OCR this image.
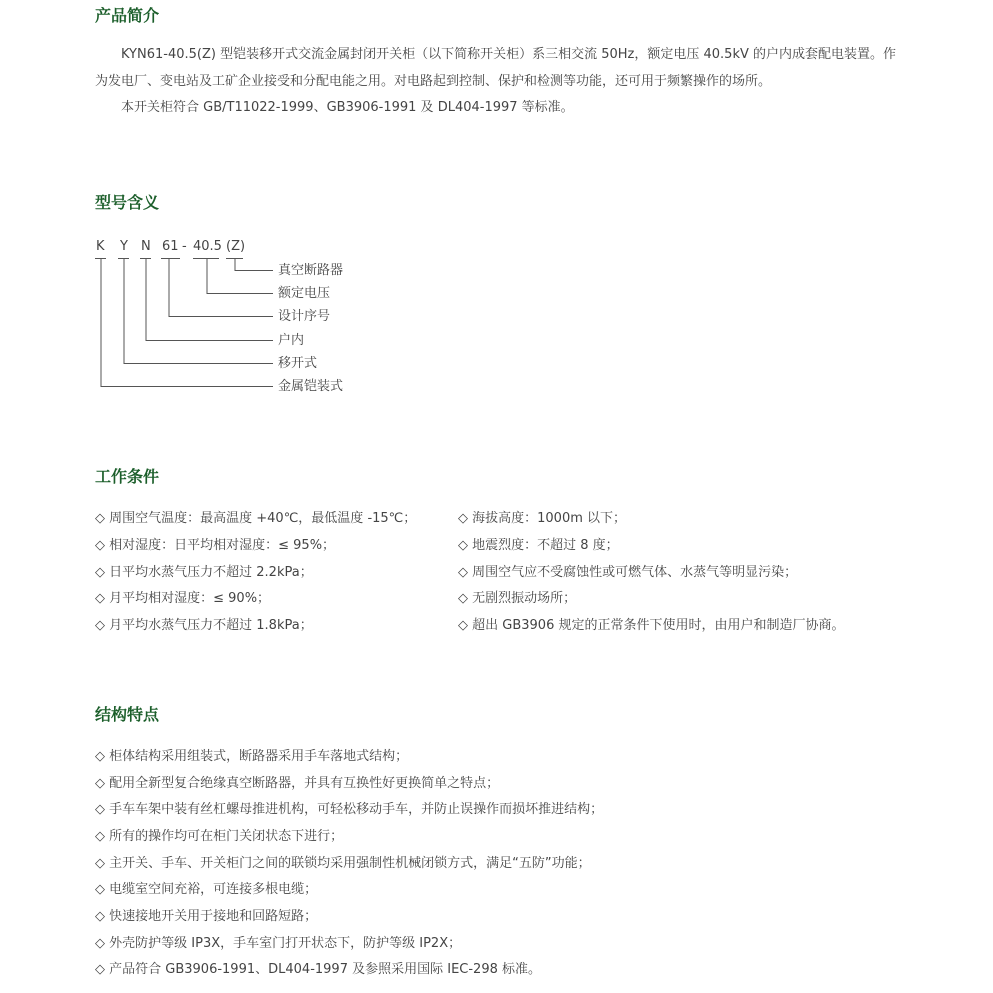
产品简介

KYN61-40.5(Z) 型铠装移开式交流金属封闭开关柜（以下简称开关柜）系三相交流 50Hz，额定电压 40.5kV 的户内成套配电装置。作为发电厂、变电站及工矿企业接受和分配电能之用。对电路起到控制、保护和检测等功能，还可用于频繁操作的场所。

本开关柜符合 GB/T11022-1999、GB3906-1991 及 DL404-1997 等标准。

型号含义
K Y N 61 - 40.5 (Z)
真空断路器
额定电压
设计序号
户内
移开式
金属铠装式
工作条件
◇ 周围空气温度：最高温度 +40℃，最低温度 -15℃；
◇ 相对湿度：日平均相对湿度：≤ 95%；
◇ 日平均水蒸气压力不超过 2.2kPa；
◇ 月平均相对湿度：≤ 90%；
◇ 月平均水蒸气压力不超过 1.8kPa；
◇ 海拔高度：1000m 以下；
◇ 地震烈度：不超过 8 度；
◇ 周围空气应不受腐蚀性或可燃气体、水蒸气等明显污染；
◇ 无剧烈振动场所；
◇ 超出 GB3906 规定的正常条件下使用时，由用户和制造厂协商。
结构特点
◇ 柜体结构采用组装式，断路器采用手车落地式结构；
◇ 配用全新型复合绝缘真空断路器，并具有互换性好更换简单之特点；
◇ 手车车架中装有丝杠螺母推进机构，可轻松移动手车，并防止误操作而损坏推进结构；
◇ 所有的操作均可在柜门关闭状态下进行；
◇ 主开关、手车、开关柜门之间的联锁均采用强制性机械闭锁方式，满足“五防”功能；
◇ 电缆室空间充裕，可连接多根电缆；
◇ 快速接地开关用于接地和回路短路；
◇ 外壳防护等级 IP3X，手车室门打开状态下，防护等级 IP2X；
◇ 产品符合 GB3906-1991、DL404-1997 及参照采用国际 IEC-298 标准。
